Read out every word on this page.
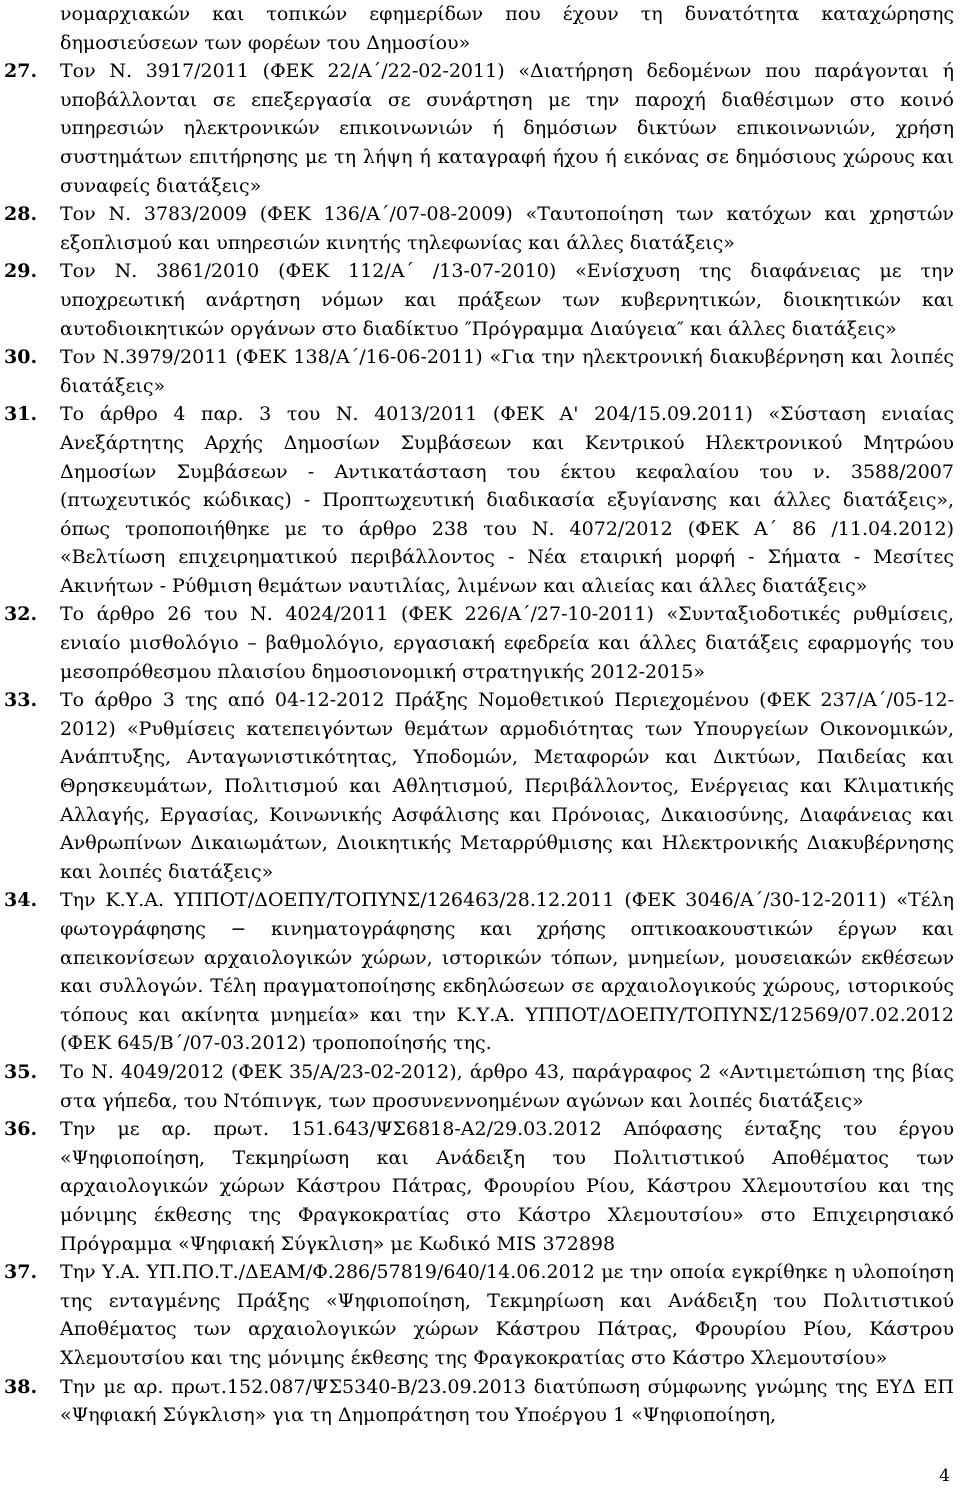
νομαρχιακών και τοπικών εφημερίδων που έχουν τη δυνατότητα καταχώρησης δημοσιεύσεων των φορέων του Δημοσίου»

27. Τον Ν. 3917/2011 (ΦΕΚ 22/Α΄/22-02-2011) «Διατήρηση δεδομένων που παράγονται ή υποβάλλονται σε επεξεργασία σε συνάρτηση με την παροχή διαθέσιμων στο κοινό υπηρεσιών ηλεκτρονικών επικοινωνιών ή δημόσιων δικτύων επικοινωνιών, χρήση συστημάτων επιτήρησης με τη λήψη ή καταγραφή ήχου ή εικόνας σε δημόσιους χώρους και συναφείς διατάξεις»

28. Τον Ν. 3783/2009 (ΦΕΚ 136/Α΄/07-08-2009) «Ταυτοποίηση των κατόχων και χρηστών εξοπλισμού και υπηρεσιών κινητής τηλεφωνίας και άλλες διατάξεις»

29. Τον Ν. 3861/2010 (ΦΕΚ 112/Α΄ /13-07-2010) «Ενίσχυση της διαφάνειας με την υποχρεωτική ανάρτηση νόμων και πράξεων των κυβερνητικών, διοικητικών και αυτοδιοικητικών οργάνων στο διαδίκτυο ″Πρόγραμμα Διαύγεια″ και άλλες διατάξεις»

30. Τον Ν.3979/2011 (ΦΕΚ 138/Α΄/16-06-2011) «Για την ηλεκτρονική διακυβέρνηση και λοιπές διατάξεις»

31. Το άρθρο 4 παρ. 3 του Ν. 4013/2011 (ΦΕΚ Α' 204/15.09.2011) «Σύσταση ενιαίας Ανεξάρτητης Αρχής Δημοσίων Συμβάσεων και Κεντρικού Ηλεκτρονικού Μητρώου Δημοσίων Συμβάσεων - Αντικατάσταση του έκτου κεφαλαίου του ν. 3588/2007 (πτωχευτικός κώδικας) - Προπτωχευτική διαδικασία εξυγίανσης και άλλες διατάξεις», όπως τροποποιήθηκε με το άρθρο 238 του Ν. 4072/2012 (ΦΕΚ Α΄ 86 /11.04.2012) «Βελτίωση επιχειρηματικού περιβάλλοντος - Νέα εταιρική μορφή - Σήματα - Μεσίτες Ακινήτων - Ρύθμιση θεμάτων ναυτιλίας, λιμένων και αλιείας και άλλες διατάξεις»

32. Το άρθρο 26 του Ν. 4024/2011 (ΦΕΚ 226/Α΄/27-10-2011) «Συνταξιοδοτικές ρυθμίσεις, ενιαίο μισθολόγιο – βαθμολόγιο, εργασιακή εφεδρεία και άλλες διατάξεις εφαρμογής του μεσοπρόθεσμου πλαισίου δημοσιονομική στρατηγικής 2012-2015»

33. Το άρθρο 3 της από 04-12-2012 Πράξης Νομοθετικού Περιεχομένου (ΦΕΚ 237/Α΄/05-12-2012) «Ρυθμίσεις κατεπειγόντων θεμάτων αρμοδιότητας των Υπουργείων Οικονομικών, Ανάπτυξης, Ανταγωνιστικότητας, Υποδομών, Μεταφορών και Δικτύων, Παιδείας και Θρησκευμάτων, Πολιτισμού και Αθλητισμού, Περιβάλλοντος, Ενέργειας και Κλιματικής Αλλαγής, Εργασίας, Κοινωνικής Ασφάλισης και Πρόνοιας, Δικαιοσύνης, Διαφάνειας και Ανθρωπίνων Δικαιωμάτων, Διοικητικής Μεταρρύθμισης και Ηλεκτρονικής Διακυβέρνησης και λοιπές διατάξεις»

34. Την Κ.Υ.Α. ΥΠΠΟΤ/ΔΟΕΠΥ/ΤΟΠΥΝΣ/126463/28.12.2011 (ΦΕΚ 3046/Α΄/30-12-2011) «Τέλη φωτογράφησης − κινηματογράφησης και χρήσης οπτικοακουστικών έργων και απεικονίσεων αρχαιολογικών χώρων, ιστορικών τόπων, μνημείων, μουσειακών εκθέσεων και συλλογών. Τέλη πραγματοποίησης εκδηλώσεων σε αρχαιολογικούς χώρους, ιστορικούς τόπους και ακίνητα μνημεία» και την Κ.Υ.Α. ΥΠΠΟΤ/ΔΟΕΠΥ/ΤΟΠΥΝΣ/12569/07.02.2012 (ΦΕΚ 645/Β΄/07-03.2012) τροποποίησής της.

35. Το Ν. 4049/2012 (ΦΕΚ 35/Α/23-02-2012), άρθρο 43, παράγραφος 2 «Αντιμετώπιση της βίας στα γήπεδα, του Ντόπινγκ, των προσυνεννοημένων αγώνων και λοιπές διατάξεις»

36. Την με αρ. πρωτ. 151.643/ΨΣ6818-Α2/29.03.2012 Απόφασης ένταξης του έργου «Ψηφιοποίηση, Τεκμηρίωση και Ανάδειξη του Πολιτιστικού Αποθέματος των αρχαιολογικών χώρων Κάστρου Πάτρας, Φρουρίου Ρίου, Κάστρου Χλεμουτσίου και της μόνιμης έκθεσης της Φραγκοκρατίας στο Κάστρο Χλεμουτσίου» στο Επιχειρησιακό Πρόγραμμα «Ψηφιακή Σύγκλιση» με Κωδικό MIS 372898

37. Την Υ.Α. ΥΠ.ΠΟ.Τ./ΔΕΑΜ/Φ.286/57819/640/14.06.2012 με την οποία εγκρίθηκε η υλοποίηση της ενταγμένης Πράξης «Ψηφιοποίηση, Τεκμηρίωση και Ανάδειξη του Πολιτιστικού Αποθέματος των αρχαιολογικών χώρων Κάστρου Πάτρας, Φρουρίου Ρίου, Κάστρου Χλεμουτσίου και της μόνιμης έκθεσης της Φραγκοκρατίας στο Κάστρο Χλεμουτσίου»

38. Την με αρ. πρωτ.152.087/ΨΣ5340-Β/23.09.2013 διατύπωση σύμφωνης γνώμης της ΕΥΔ ΕΠ «Ψηφιακή Σύγκλιση» για τη Δημοπράτηση του Υποέργου 1 «Ψηφιοποίηση,

4
